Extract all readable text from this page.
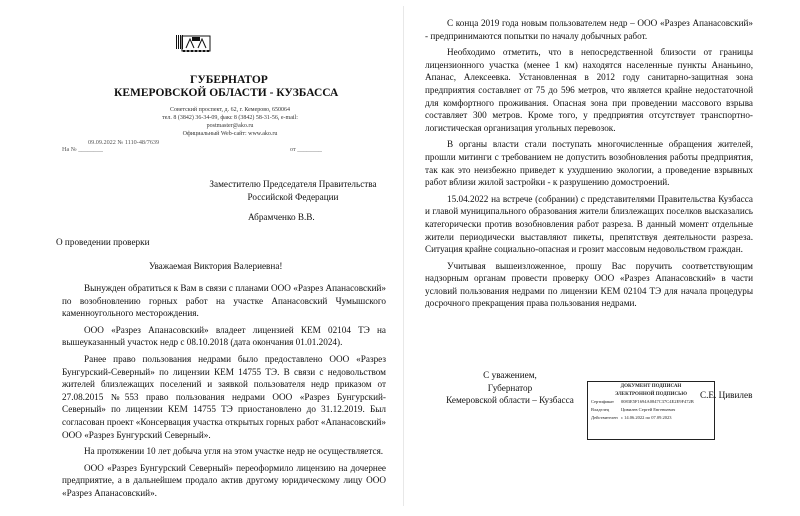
ГУБЕРНАТОР
КЕМЕРОВСКОЙ ОБЛАСТИ - КУЗБАССА
Советский проспект, д. 62, г. Кемерово, 650064
тел. 8 (3842) 36-34-09, факс 8 (3842) 58-31-56, e-mail: postmaster@ako.ru
Официальный Web-сайт: www.ako.ru
09.09.2022 № 1110-48/7639
На № ________	от ________
Заместителю Председателя Правительства
Российской Федерации
Абрамченко В.В.
О проведении проверки
Уважаемая Виктория Валериевна!

Вынужден обратиться к Вам в связи с планами ООО «Разрез Апанасовский» по возобновлению горных работ на участке Апанасовский Чумышского каменноугольного месторождения.

ООО «Разрез Апанасовский» владеет лицензией КЕМ 02104 ТЭ на вышеуказанный участок недр с 08.10.2018 (дата окончания 01.01.2024).

Ранее право пользования недрами было предоставлено ООО «Разрез Бунгурский-Северный» по лицензии КЕМ 14755 ТЭ. В связи с недовольством жителей близлежащих поселений и заявкой пользователя недр приказом от 27.08.2015 №553 право пользования недрами ООО «Разрез Бунгурский-Северный» по лицензии КЕМ 14755 ТЭ приостановлено до 31.12.2019. Был согласован проект «Консервация участка открытых горных работ «Апанасовский» ООО «Разрез Бунгурский Северный».

На протяжении 10 лет добыча угля на этом участке недр не осуществляется.

ООО «Разрез Бунгурский Северный» переоформило лицензию на дочернее предприятие, а в дальнейшем продало актив другому юридическому лицу ООО «Разрез Апанасовский».

С конца 2019 года новым пользователем недр – ООО «Разрез Апанасовский» - предпринимаются попытки по началу добычных работ.

Необходимо отметить, что в непосредственной близости от границы лицензионного участка (менее 1 км) находятся населенные пункты Ананьино, Апанас, Алексеевка. Установленная в 2012 году санитарно-защитная зона предприятия составляет от 75 до 596 метров, что является крайне недостаточной для комфортного проживания. Опасная зона при проведении массового взрыва составляет 300 метров. Кроме того, у предприятия отсутствует транспортно-логистическая организация угольных перевозок.

В органы власти стали поступать многочисленные обращения жителей, прошли митинги с требованием не допустить возобновления работы предприятия, так как это неизбежно приведет к ухудшению экологии, а проведение взрывных работ вблизи жилой застройки - к разрушению домостроений.

15.04.2022 на встрече (собрании) с представителями Правительства Кузбасса и главой муниципального образования жители близлежащих поселков высказались категорически против возобновления работ разреза. В данный момент отдельные жители периодически выставляют пикеты, препятствуя деятельности разреза. Ситуация крайне социально-опасная и грозит массовым недовольством граждан.

Учитывая вышеизложенное, прошу Вас поручить соответствующим надзорным органам провести проверку ООО «Разрез Апанасовский» в части условий пользования недрами по лицензии КЕМ 02104 ТЭ для начала процедуры досрочного прекращения права пользования недрами.

С уважением,
Губернатор
Кемеровской области – Кузбасса
ДОКУМЕНТ ПОДПИСАН
ЭЛЕКТРОННОЙ ПОДПИСЬЮ
Сертификат	0083E5F1694A0847C37C4E2E9F472B
Владелец	Цивилев Сергей Евгеньевич
Действителен с 14.06.2022 по 07.09.2023
С.Е. Цивилев
